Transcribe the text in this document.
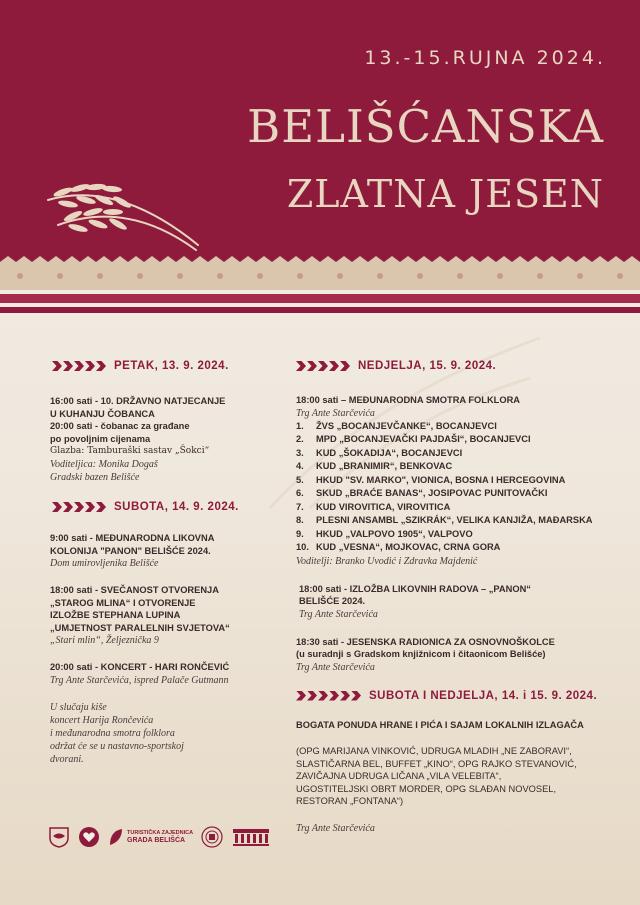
13.-15.RUJNA 2024.
BELIŠĆANSKA
ZLATNA JESEN
PETAK, 13. 9. 2024.
16:00 sati - 10. DRŽAVNO NATJECANJE
U KUHANJU ČOBANCA
20:00 sati - čobanac za građane
po povoljnim cijenama
Glazba: Tamburaški sastav „Šokci“
Voditeljica: Monika Dogaš
Gradski bazen Belišće
SUBOTA, 14. 9. 2024.
9:00 sati - MEĐUNARODNA LIKOVNA
KOLONIJA "PANON" BELIŠĆE 2024.
Dom umirovljenika Belišće
18:00 sati - SVEČANOST OTVORENJA
„STAROG MLINA“ I OTVORENJE
IZLOŽBE STEPHANA LUPINA
„UMJETNOST PARALELNIH SVJETOVA“
„Stari mlin“, Željeznička 9
20:00 sati - KONCERT - HARI RONČEVIĆ
Trg Ante Starčevića, ispred Palače Gutmann
U slučaju kiše
koncert Harija Rončevića
i međunarodna smotra folklora
održat će se u nastavno-sportskoj
dvorani.
NEDJELJA, 15. 9. 2024.
18:00 sati – MEĐUNARODNA SMOTRA FOLKLORA
Trg Ante Starčevića
1.	ŽVS „BOCANJEVČANKE“, BOCANJEVCI
2.	MPD „BOCANJEVAČKI PAJDAŠI“, BOCANJEVCI
3.	KUD „ŠOKADIJA“, BOCANJEVCI
4.	KUD „BRANIMIR“, BENKOVAC
5.	HKUD "SV. MARKO", VIONICA, BOSNA I HERCEGOVINA
6.	SKUD „BRAĆE BANAS“, JOSIPOVAC PUNITOVAČKI
7.	KUD VIROVITICA, VIROVITICA
8.	PLESNI ANSAMBL „SZIKRÁK“, VELIKA KANJIŽA, MAĐARSKA
9.	HKUD „VALPOVO 1905“, VALPOVO
10. KUD „VESNA“, MOJKOVAC, CRNA GORA
Voditelji: Branko Uvodić i Zdravka Majdenić
18:00 sati - IZLOŽBA LIKOVNIH RADOVA – „PANON“
BELIŠĆE 2024.
Trg Ante Starčevića
18:30 sati - JESENSKA RADIONICA ZA OSNOVNOŠKOLCE
(u suradnji s Gradskom knjižnicom i čitaonicom Belišće)
Trg Ante Starčevića
SUBOTA I NEDJELJA, 14. i 15. 9. 2024.
BOGATA PONUDA HRANE I PIĆA I SAJAM LOKALNIH IZLAGAČA
(OPG MARIJANA VINKOVIĆ, UDRUGA MLADIH „NE ZABORAVI“,
SLASTIČARNA BEL, BUFFET „KINO“, OPG RAJKO STEVANOVIĆ,
ZAVIČAJNA UDRUGA LIČANA „VILA VELEBITA“,
UGOSTITELJSKI OBRT MORDER, OPG SLAĐAN NOVOSEL,
RESTORAN „FONTANA“)
Trg Ante Starčevića
TURISTIČKA ZAJEDNICA
GRADA BELIŠĆA
